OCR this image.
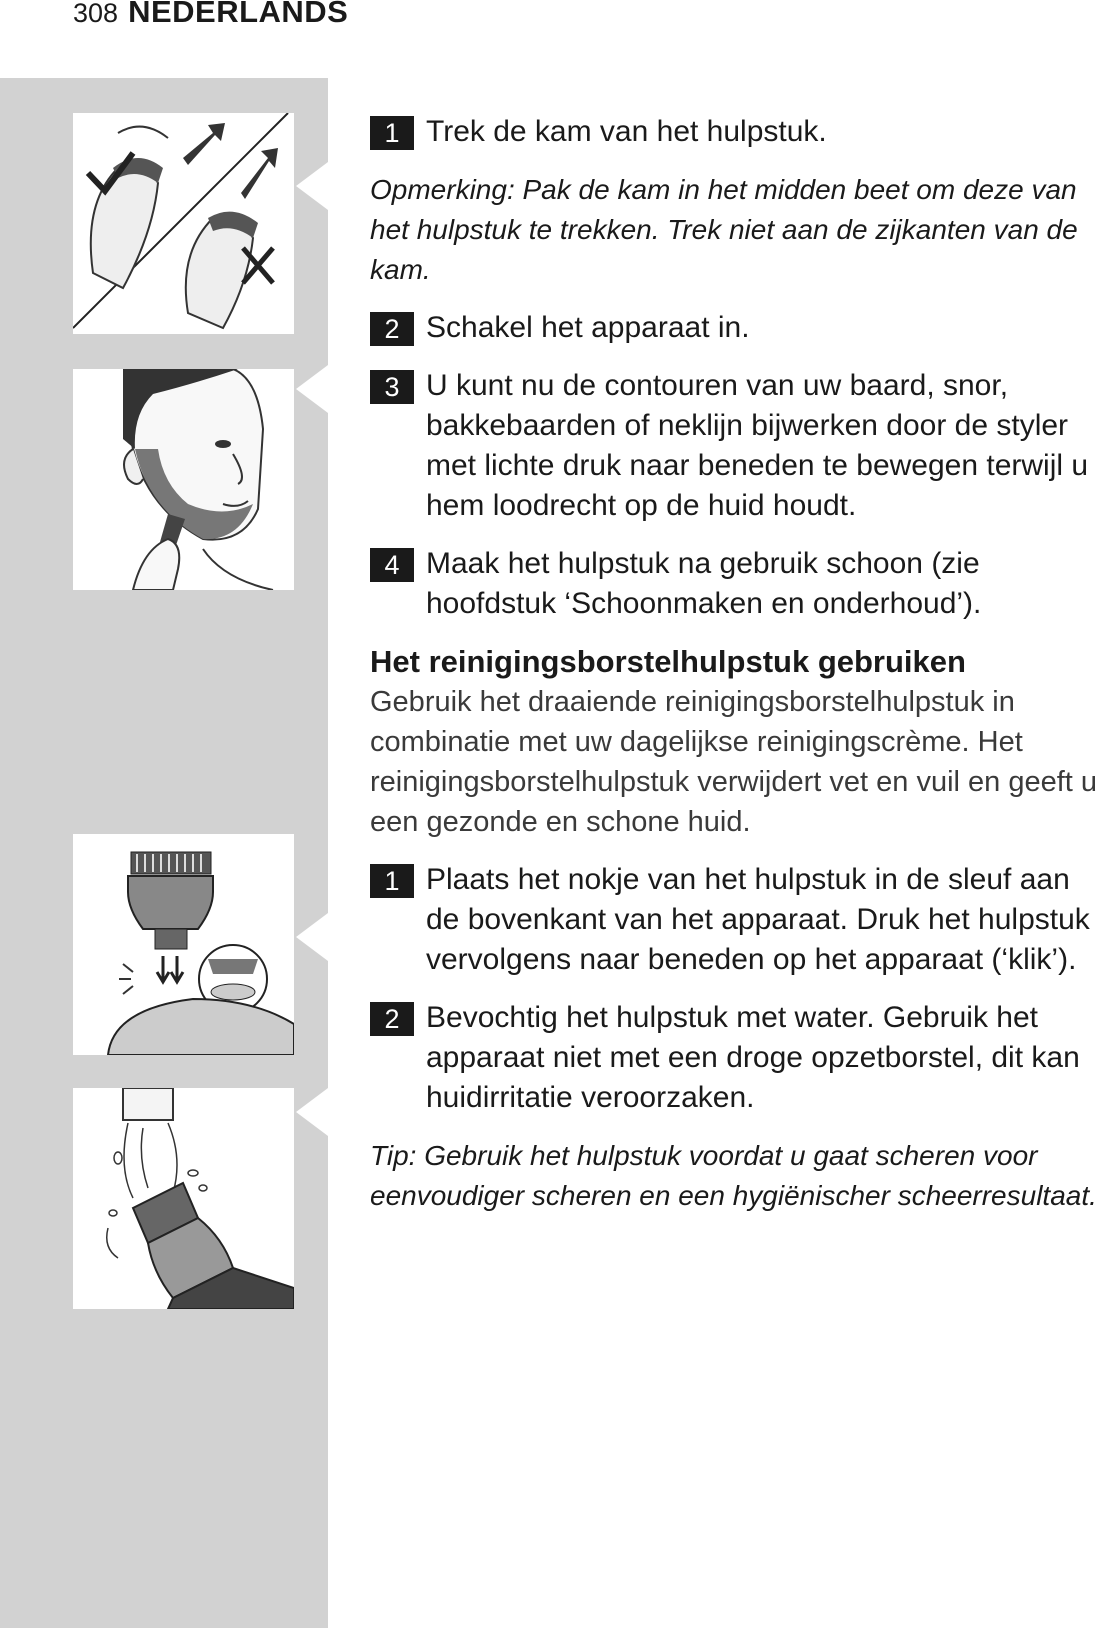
308 NEDERLANDS
1 Trek de kam van het hulpstuk.
Opmerking: Pak de kam in het midden beet om deze van het hulpstuk te trekken. Trek niet aan de zijkanten van de kam.
2 Schakel het apparaat in.
3 U kunt nu de contouren van uw baard, snor, bakkebaarden of neklijn bijwerken door de styler met lichte druk naar beneden te bewegen terwijl u hem loodrecht op de huid houdt.
4 Maak het hulpstuk na gebruik schoon (zie hoofdstuk ‘Schoonmaken en onderhoud’).
Het reinigingsborstelhulpstuk gebruiken
Gebruik het draaiende reinigingsborstelhulpstuk in combinatie met uw dagelijkse reinigingscrème. Het reinigingsborstelhulpstuk verwijdert vet en vuil en geeft u een gezonde en schone huid.
1 Plaats het nokje van het hulpstuk in de sleuf aan de bovenkant van het apparaat. Druk het hulpstuk vervolgens naar beneden op het apparaat (‘klik’).
2 Bevochtig het hulpstuk met water. Gebruik het apparaat niet met een droge opzetborstel, dit kan huidirritatie veroorzaken.
Tip: Gebruik het hulpstuk voordat u gaat scheren voor eenvoudiger scheren en een hygiënischer scheerresultaat.
